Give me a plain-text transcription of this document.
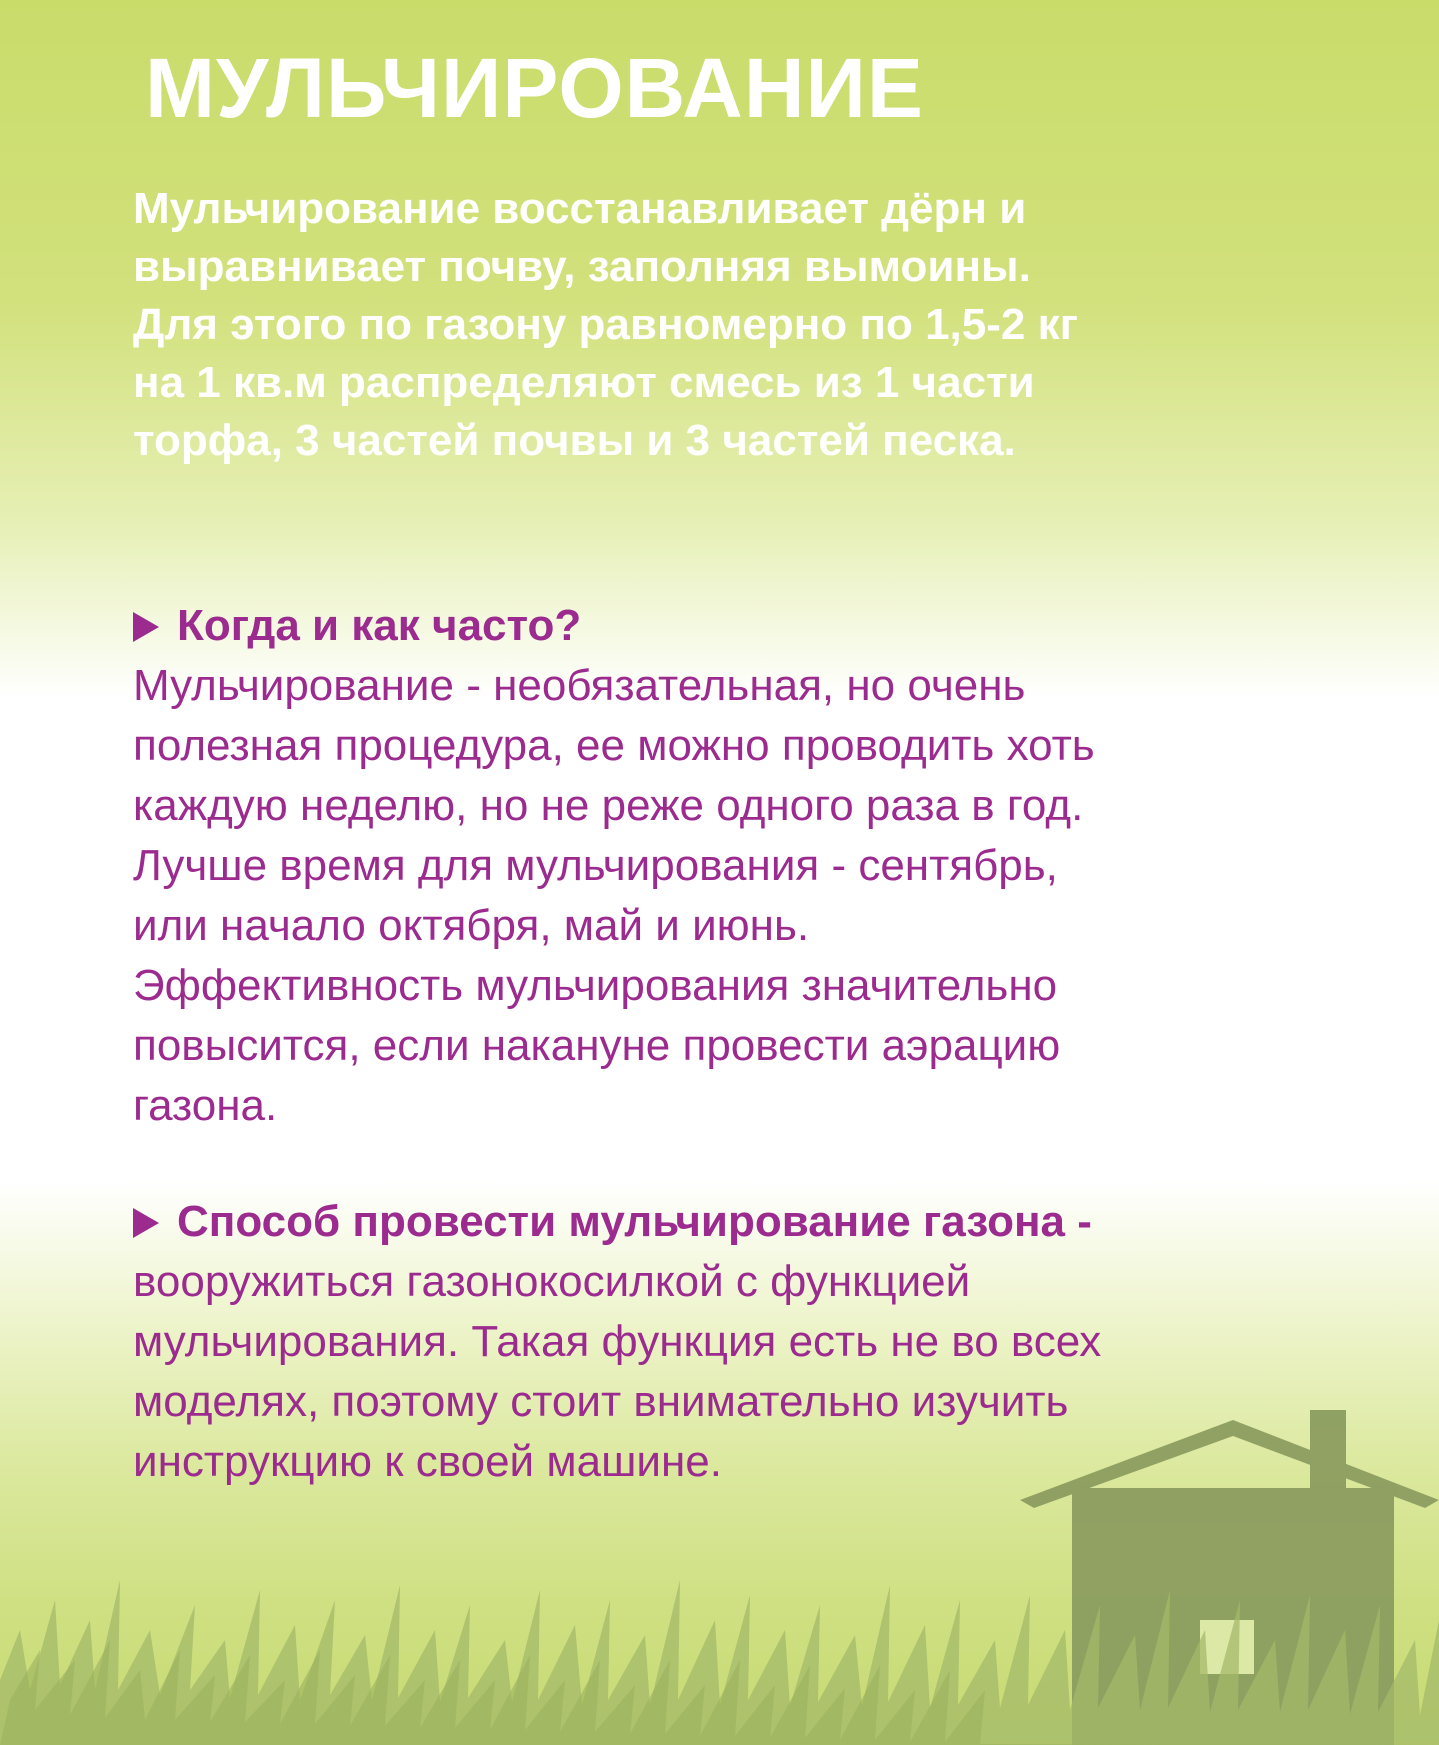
МУЛЬЧИРОВАНИЕ

Мульчирование восстанавливает дёрн и
выравнивает почву, заполняя вымоины.
Для этого по газону равномерно по 1,5-2 кг
на 1 кв.м распределяют смесь из 1 части
торфа, 3 частей почвы и 3 частей песка.

Когда и как часто?
Мульчирование - необязательная, но очень
полезная процедура, ее можно проводить хоть
каждую неделю, но не реже одного раза в год.
Лучше время для мульчирования - сентябрь,
или начало октября, май и июнь.
Эффективность мульчирования значительно
повысится, если накануне провести аэрацию
газона.
Способ провести мульчирование газона -
вооружиться газонокосилкой с функцией
мульчирования. Такая функция есть не во всех
моделях, поэтому стоит внимательно изучить
инструкцию к своей машине.
